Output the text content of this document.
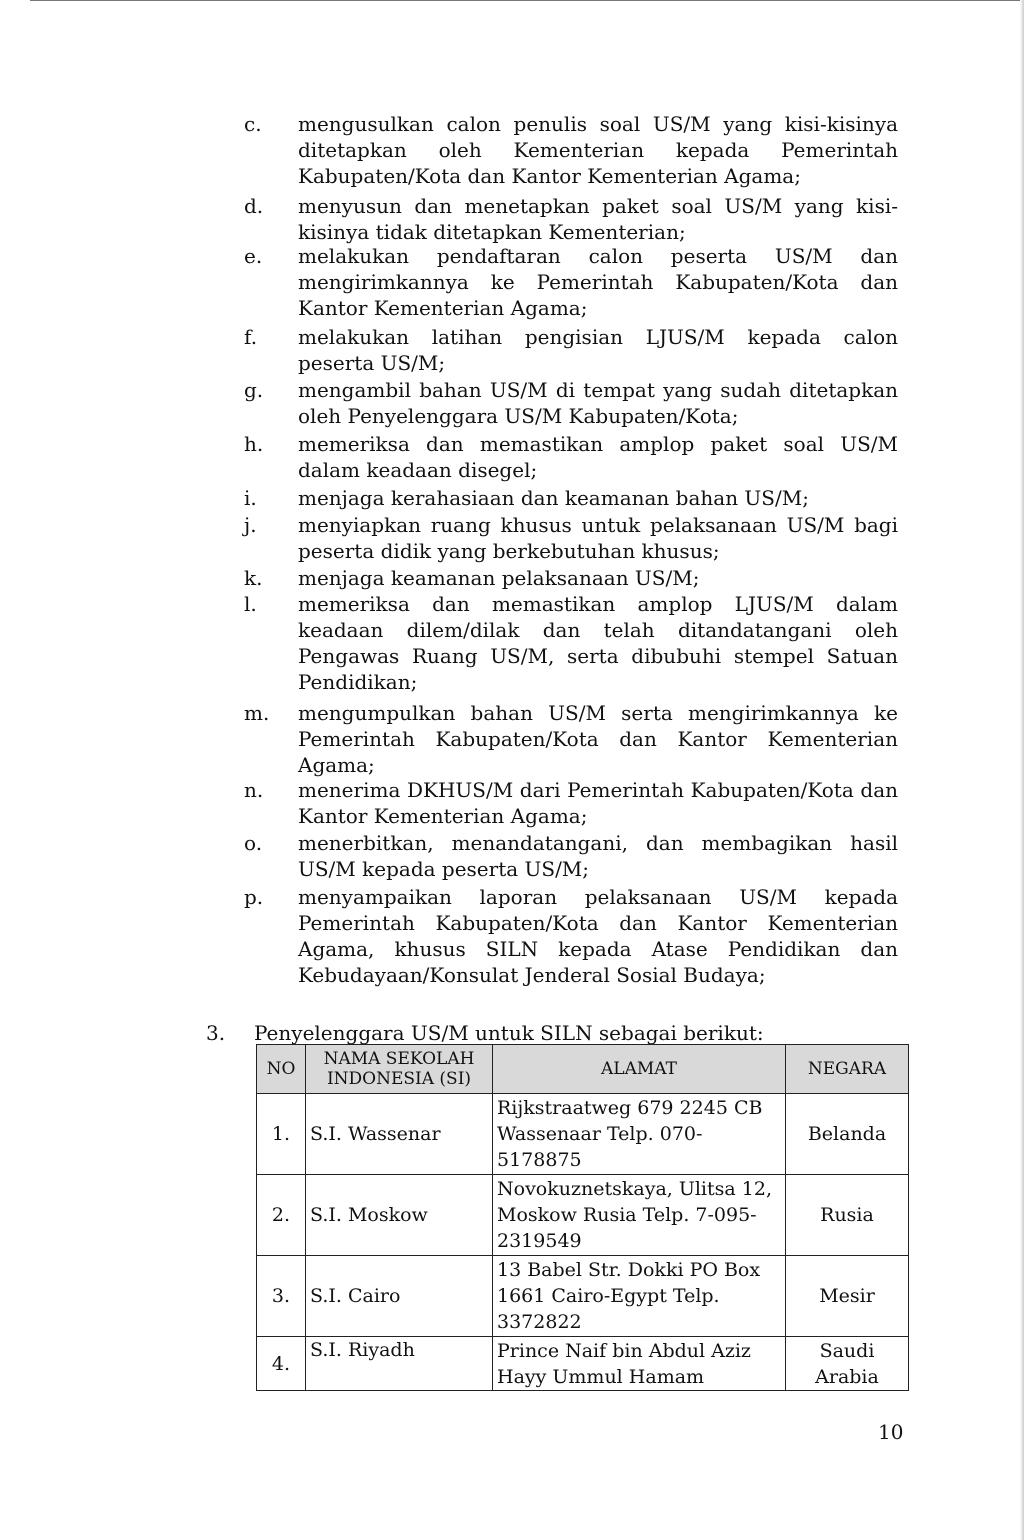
c.	mengusulkan calon penulis soal US/M yang kisi-kisinya ditetapkan oleh Kementerian kepada Pemerintah Kabupaten/Kota dan Kantor Kementerian Agama;
d.	menyusun dan menetapkan paket soal US/M yang kisi-kisinya tidak ditetapkan Kementerian;
e.	melakukan pendaftaran calon peserta US/M dan mengirimkannya ke Pemerintah Kabupaten/Kota dan Kantor Kementerian Agama;
f.	melakukan latihan pengisian LJUS/M kepada calon peserta US/M;
g.	mengambil bahan US/M di tempat yang sudah ditetapkan oleh Penyelenggara US/M Kabupaten/Kota;
h.	memeriksa dan memastikan amplop paket soal US/M dalam keadaan disegel;
i.	menjaga kerahasiaan dan keamanan bahan US/M;
j.	menyiapkan ruang khusus untuk pelaksanaan US/M bagi peserta didik yang berkebutuhan khusus;
k.	menjaga keamanan pelaksanaan US/M;
l.	memeriksa dan memastikan amplop LJUS/M dalam keadaan dilem/dilak dan telah ditandatangani oleh Pengawas Ruang US/M, serta dibubuhi stempel Satuan Pendidikan;
m.	mengumpulkan bahan US/M serta mengirimkannya ke Pemerintah Kabupaten/Kota dan Kantor Kementerian Agama;
n.	menerima DKHUS/M dari Pemerintah Kabupaten/Kota dan Kantor Kementerian Agama;
o.	menerbitkan, menandatangani, dan membagikan hasil US/M kepada peserta US/M;
p.	menyampaikan laporan pelaksanaan US/M kepada Pemerintah Kabupaten/Kota dan Kantor Kementerian Agama, khusus SILN kepada Atase Pendidikan dan Kebudayaan/Konsulat Jenderal Sosial Budaya;
3.	Penyelenggara US/M untuk SILN sebagai berikut:
NO	NAMA SEKOLAH INDONESIA (SI)	ALAMAT	NEGARA
1.	S.I. Wassenar	Rijkstraatweg 679 2245 CB Wassenaar Telp. 070-5178875	Belanda
2.	S.I. Moskow	Novokuznetskaya, Ulitsa 12, Moskow Rusia Telp. 7-095-2319549	Rusia
3.	S.I. Cairo	13 Babel Str. Dokki PO Box 1661 Cairo-Egypt Telp. 3372822	Mesir
4.	S.I. Riyadh	Prince Naif bin Abdul Aziz Hayy Ummul Hamam	Saudi Arabia
10
